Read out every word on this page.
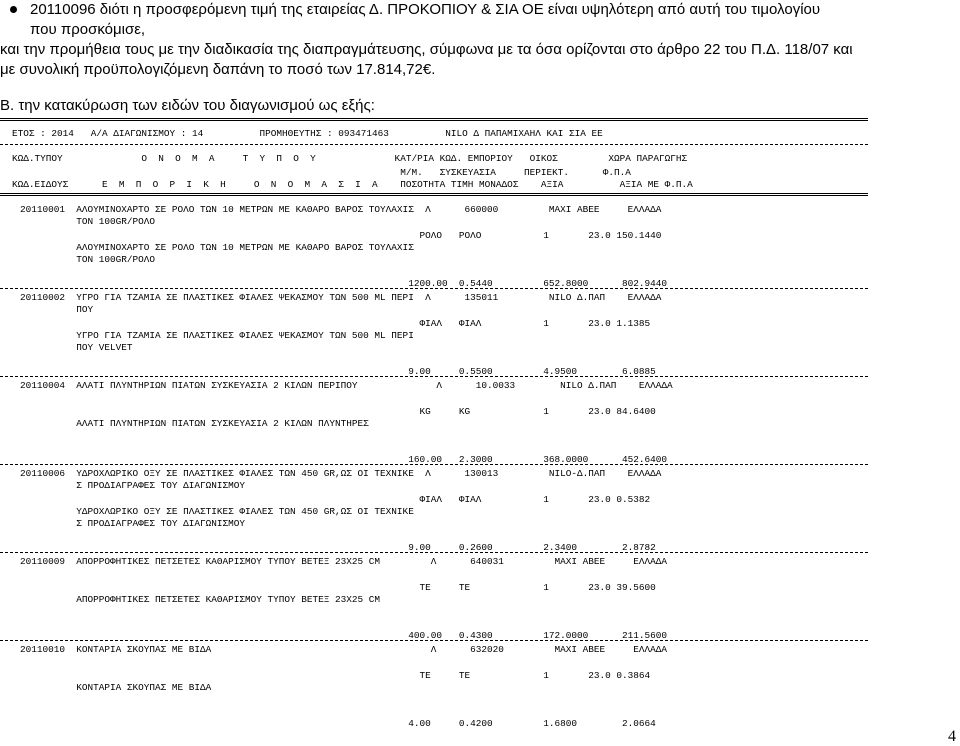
20110096 διότι η προσφερόμενη τιμή της εταιρείας Δ. ΠΡΟΚΟΠΙΟΥ & ΣΙΑ ΟΕ είναι υψηλότερη από αυτή του τιμολογίου
που προσκόμισε,
και την προμήθεια τους με την διαδικασία της διαπραγμάτευσης, σύμφωνα με τα όσα ορίζονται στο άρθρο 22 του Π.Δ. 118/07 και
με συνολική προϋπολογιζόμενη δαπάνη το ποσό των 17.814,72€.
Β. την κατακύρωση των ειδών του διαγωνισμού ως εξής:
ΕΤΟΣ : 2014   Α/Α ΔΙΑΓΩΝΙΣΜΟΥ : 14          ΠΡΟΜΗΘΕΥΤΗΣ : 093471463          NILO Δ ΠΑΠΑΜΙΧΑΗΛ ΚΑΙ ΣΙΑ ΕΕ
ΚΩΔ.ΤΥΠΟΥ              Ο  Ν  Ο  Μ  Α     Τ  Υ  Π  Ο  Υ              ΚΑΤ/ΡΙΑ ΚΩΔ. ΕΜΠΟΡΙΟΥ   ΟΙΚΟΣ         ΧΩΡΑ ΠΑΡΑΓΩΓΗΣ
Μ/Μ.   ΣΥΣΚΕΥΑΣΙΑ     ΠΕΡΙΕΚΤ.      Φ.Π.Α
ΚΩΔ.ΕΙΔΟΥΣ      Ε  Μ  Π  Ο  Ρ  Ι  Κ  Η     Ο  Ν  Ο  Μ  Α  Σ  Ι  Α    ΠΟΣΟΤΗΤΑ ΤΙΜΗ ΜΟΝΑΔΟΣ    ΑΞΙΑ          ΑΞΙΑ ΜΕ Φ.Π.Α
20110001  ΑΛΟΥΜΙΝΟΧΑΡΤΟ ΣΕ ΡΟΛΟ ΤΩΝ 10 ΜΕΤΡΩΝ ΜΕ ΚΑΘΑΡΟ ΒΑΡΟΣ ΤΟΥΛΑΧΙΣ  Λ      660000         ΜΑΧΙ ΑΒΕΕ     ΕΛΛΑΔΑ
ΤΟΝ 100GR/ΡΟΛΟ
ΡΟΛΟ   ΡΟΛΟ           1       23.0 150.1440
ΑΛΟΥΜΙΝΟΧΑΡΤΟ ΣΕ ΡΟΛΟ ΤΩΝ 10 ΜΕΤΡΩΝ ΜΕ ΚΑΘΑΡΟ ΒΑΡΟΣ ΤΟΥΛΑΧΙΣ
ΤΟΝ 100GR/ΡΟΛΟ
1200.00  0.5440         652.8000      802.9440
20110002  ΥΓΡΟ ΓΙΑ ΤΖΑΜΙΑ ΣΕ ΠΛΑΣΤΙΚΕΣ ΦΙΑΛΕΣ ΨΕΚΑΣΜΟΥ ΤΩΝ 500 ML ΠΕΡΙ  Λ      135011         NILO Δ.ΠΑΠ    ΕΛΛΑΔΑ
ΠΟΥ
ΦΙΑΛ   ΦΙΑΛ           1       23.0 1.1385
ΥΓΡΟ ΓΙΑ ΤΖΑΜΙΑ ΣΕ ΠΛΑΣΤΙΚΕΣ ΦΙΑΛΕΣ ΨΕΚΑΣΜΟΥ ΤΩΝ 500 ML ΠΕΡΙ
ΠΟΥ VELVET
9.00     0.5500         4.9500        6.0885
20110004  ΑΛΑΤΙ ΠΛΥΝΤΗΡΙΩΝ ΠΙΑΤΩΝ ΣΥΣΚΕΥΑΣΙΑ 2 ΚΙΛΩΝ ΠΕΡΙΠΟΥ              Λ      10.0033        NILO Δ.ΠΑΠ    ΕΛΛΑΔΑ
KG     KG             1       23.0 84.6400
ΑΛΑΤΙ ΠΛΥΝΤΗΡΙΩΝ ΠΙΑΤΩΝ ΣΥΣΚΕΥΑΣΙΑ 2 ΚΙΛΩΝ ΠΛΥΝΤΗΡΕΣ
160.00   2.3000         368.0000      452.6400
20110006  ΥΔΡΟΧΛΩΡΙΚΟ ΟΞΥ ΣΕ ΠΛΑΣΤΙΚΕΣ ΦΙΑΛΕΣ ΤΩΝ 450 GR,ΩΣ ΟΙ ΤΕΧΝΙΚΕ  Λ      130013         NILO-Δ.ΠΑΠ    ΕΛΛΑΔΑ
Σ ΠΡΟΔΙΑΓΡΑΦΕΣ ΤΟΥ ΔΙΑΓΩΝΙΣΜΟΥ
ΦΙΑΛ   ΦΙΑΛ           1       23.0 0.5382
ΥΔΡΟΧΛΩΡΙΚΟ ΟΞΥ ΣΕ ΠΛΑΣΤΙΚΕΣ ΦΙΑΛΕΣ ΤΩΝ 450 GR,ΩΣ ΟΙ ΤΕΧΝΙΚΕ
Σ ΠΡΟΔΙΑΓΡΑΦΕΣ ΤΟΥ ΔΙΑΓΩΝΙΣΜΟΥ
9.00     0.2600         2.3400        2.8782
20110009  ΑΠΟΡΡΟΦΗΤΙΚΕΣ ΠΕΤΣΕΤΕΣ ΚΑΘΑΡΙΣΜΟΥ ΤΥΠΟΥ ΒΕΤΕΞ 23Χ25 CM         Λ      640031         ΜΑΧΙ ΑΒΕΕ     ΕΛΛΑΔΑ
ΤΕ     ΤΕ             1       23.0 39.5600
ΑΠΟΡΡΟΦΗΤΙΚΕΣ ΠΕΤΣΕΤΕΣ ΚΑΘΑΡΙΣΜΟΥ ΤΥΠΟΥ ΒΕΤΕΞ 23Χ25 CM
400.00   0.4300         172.0000      211.5600
20110010  ΚΟΝΤΑΡΙΑ ΣΚΟΥΠΑΣ ΜΕ ΒΙΔΑ                                       Λ      632020         ΜΑΧΙ ΑΒΕΕ     ΕΛΛΑΔΑ
ΤΕ     ΤΕ             1       23.0 0.3864
ΚΟΝΤΑΡΙΑ ΣΚΟΥΠΑΣ ΜΕ ΒΙΔΑ
4.00     0.4200         1.6800        2.0664
4
